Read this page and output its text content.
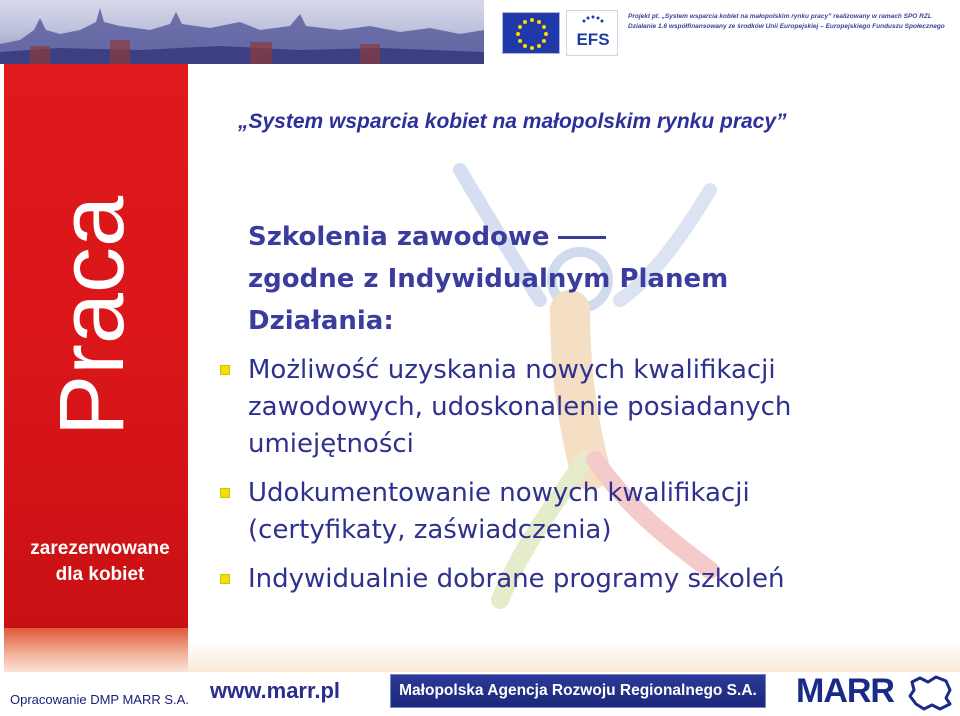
EFS
Projekt pt. „System wsparcia kobiet na małopolskim rynku pracy” realizowany w ramach SPO RZL Działanie 1.6 współfinansowany ze środków Unii Europejskiej – Europejskiego Funduszu Społecznego
Praca
zarezerwowane
dla kobiet
„System wsparcia kobiet na małopolskim rynku pracy”
Szkolenia zawodowe
zgodne z Indywidualnym Planem
Działania:
Możliwość uzyskania nowych kwalifikacji
zawodowych, udoskonalenie posiadanych
umiejętności
Udokumentowanie nowych kwalifikacji
(certyfikaty, zaświadczenia)
Indywidualnie dobrane programy szkoleń
Opracowanie DMP MARR S.A. www.marr.pl	Małopolska Agencja Rozwoju Regionalnego S.A. MARR
